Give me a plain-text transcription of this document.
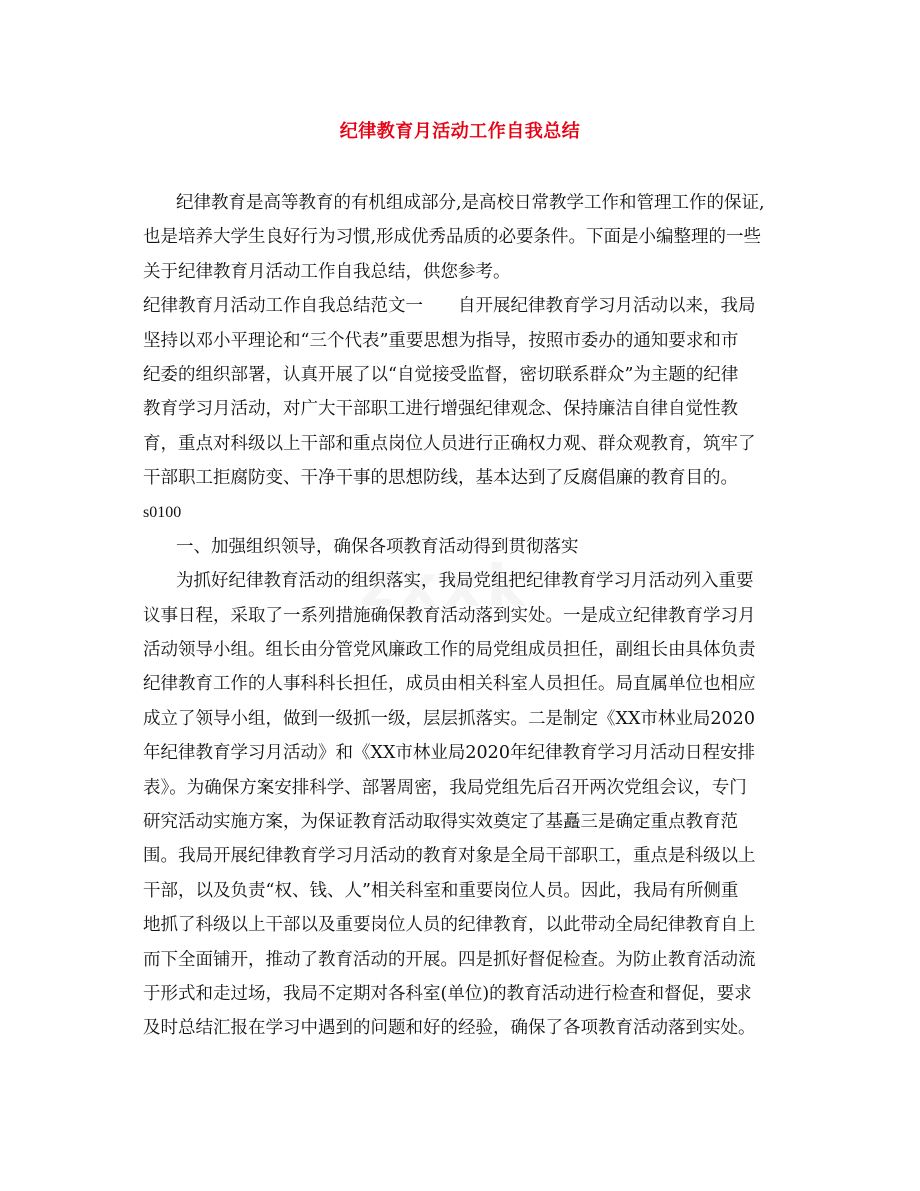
zxxk
纪律教育月活动工作自我总结
纪律教育是高等教育的有机组成部分,是高校日常教学工作和管理工作的保证,
也是培养大学生良好行为习惯,形成优秀品质的必要条件。下面是小编整理的一些
关于纪律教育月活动工作自我总结，供您参考。
纪律教育月活动工作自我总结范文一　　自开展纪律教育学习月活动以来，我局
坚持以邓小平理论和“三个代表”重要思想为指导，按照市委办的通知要求和市
纪委的组织部署，认真开展了以“自觉接受监督，密切联系群众”为主题的纪律
教育学习月活动，对广大干部职工进行增强纪律观念、保持廉洁自律自觉性教
育，重点对科级以上干部和重点岗位人员进行正确权力观、群众观教育，筑牢了
干部职工拒腐防变、干净干事的思想防线，基本达到了反腐倡廉的教育目的。
s0100
一、加强组织领导，确保各项教育活动得到贯彻落实
为抓好纪律教育活动的组织落实，我局党组把纪律教育学习月活动列入重要
议事日程，采取了一系列措施确保教育活动落到实处。一是成立纪律教育学习月
活动领导小组。组长由分管党风廉政工作的局党组成员担任，副组长由具体负责
纪律教育工作的人事科科长担任，成员由相关科室人员担任。局直属单位也相应
成立了领导小组，做到一级抓一级，层层抓落实。二是制定《XX市林业局2020
年纪律教育学习月活动》和《XX市林业局2020年纪律教育学习月活动日程安排
表》。为确保方案安排科学、部署周密，我局党组先后召开两次党组会议，专门
研究活动实施方案，为保证教育活动取得实效奠定了基矗三是确定重点教育范
围。我局开展纪律教育学习月活动的教育对象是全局干部职工，重点是科级以上
干部，以及负责“权、钱、人”相关科室和重要岗位人员。因此，我局有所侧重
地抓了科级以上干部以及重要岗位人员的纪律教育，以此带动全局纪律教育自上
而下全面铺开，推动了教育活动的开展。四是抓好督促检查。为防止教育活动流
于形式和走过场，我局不定期对各科室(单位)的教育活动进行检查和督促，要求
及时总结汇报在学习中遇到的问题和好的经验，确保了各项教育活动落到实处。
